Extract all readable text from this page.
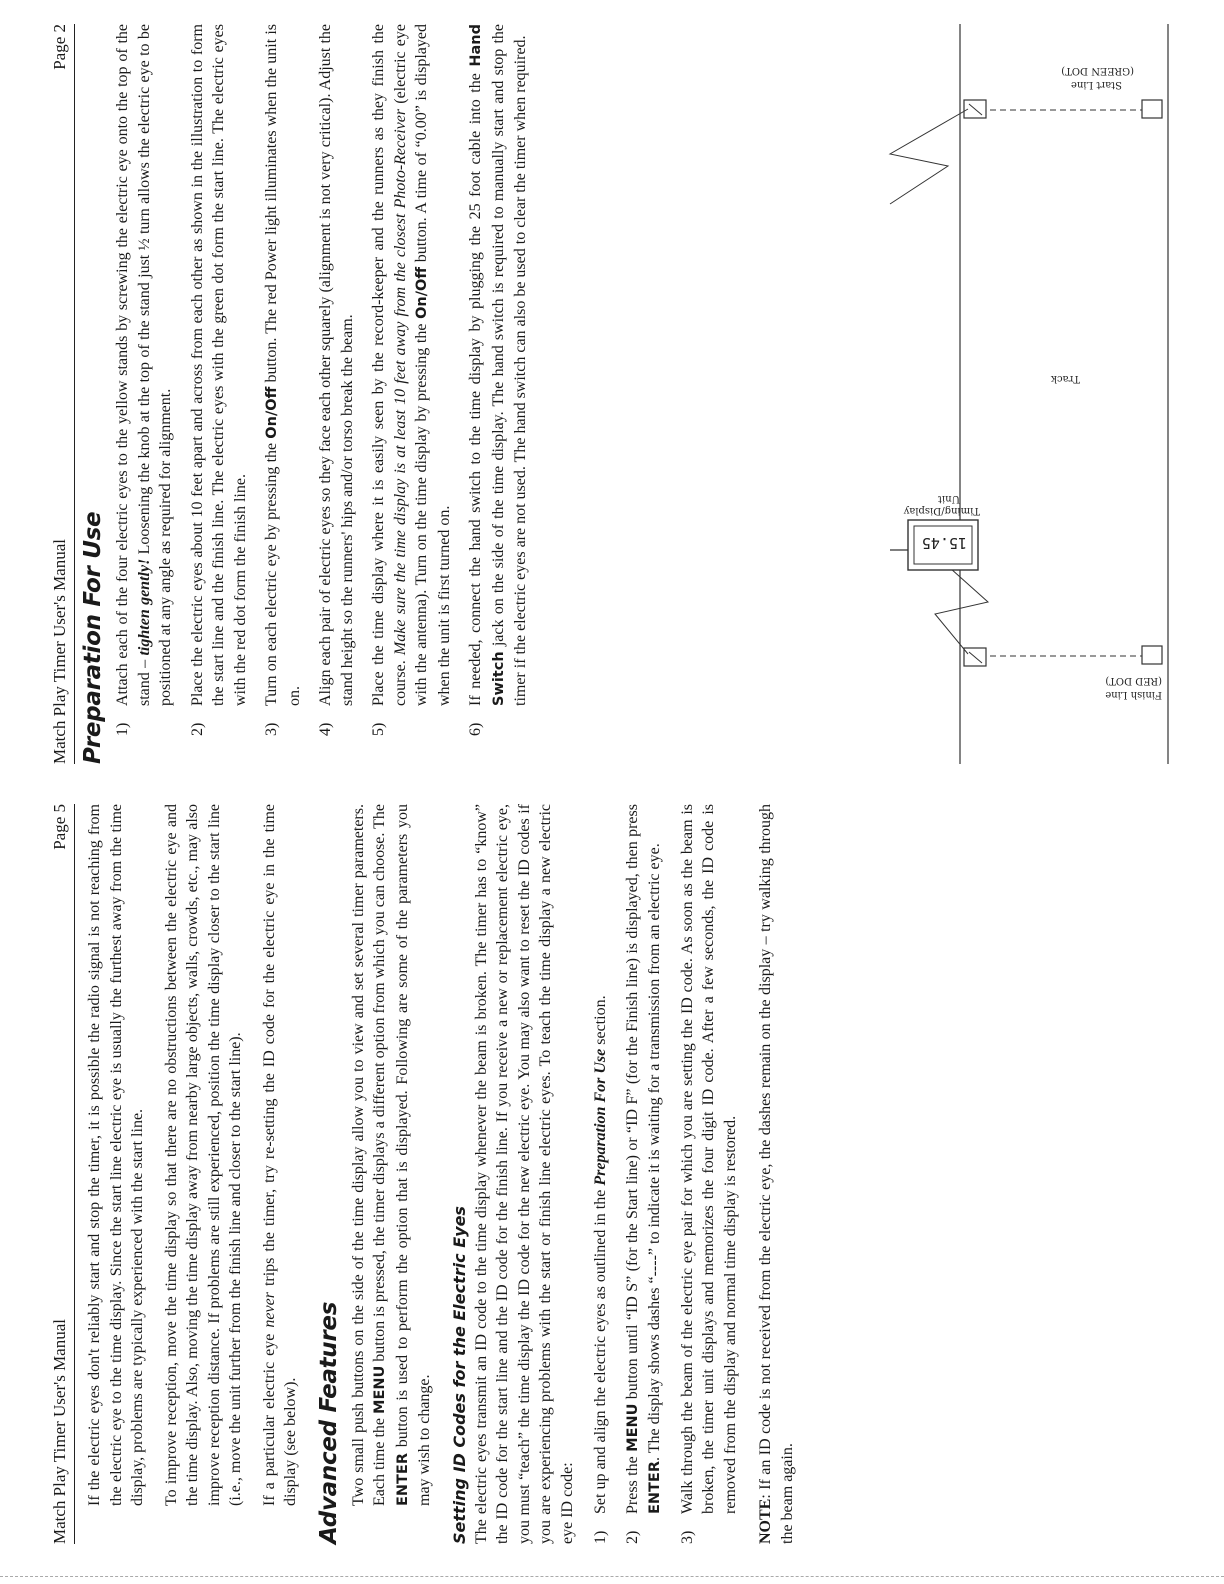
Match Play Timer User's Manual
Page 5 If the electric eyes don't reliably start and stop the timer, it is possible the radio signal is not reaching from the electric eye to the time display. Since the start line electric eye is usually the furthest away from the time display, problems are typically experienced with the start line. To improve reception, move the time display so that there are no obstructions between the electric eye and the time display. Also, moving the time display away from nearby large objects, walls, crowds, etc., may also improve reception distance. If problems are still experienced, position the time display closer to the start line (i.e., move the unit further from the finish line and closer to the start line). If a particular electric eye never trips the timer, try re-setting the ID code for the electric eye in the time display (see below). Advanced Features Two small push buttons on the side of the time display allow you to view and set several timer parameters. Each time the MENU button is pressed, the timer displays a different option from which you can choose. The ENTER button is used to perform the option that is displayed. Following are some of the parameters you may wish to change. Setting ID Codes for the Electric Eyes The electric eyes transmit an ID code to the time display whenever the beam is broken. The timer has to “know” the ID code for the start line and the ID code for the finish line. If you receive a new or replacement electric eye, you must “teach” the time display the ID code for the new electric eye. You may also want to reset the ID codes if you are experiencing problems with the start or finish line electric eyes. To teach the time display a new electric eye ID code: 1)
Set up and align the electric eyes as outlined in the Preparation For Use section.
2)
Press the MENU button until “ID S” (for the Start line) or “ID F” (for the Finish line) is displayed, then press ENTER. The display shows dashes “----” to indicate it is waiting for a transmission from an electric eye.
3)
Walk through the beam of the electric eye pair for which you are setting the ID code. As soon as the beam is broken, the timer unit displays and memorizes the four digit ID code. After a few seconds, the ID code is removed from the display and normal time display is restored.

NOTE: If an ID code is not received from the electric eye, the dashes remain on the display – try walking through the beam again.

Match Play Timer User's Manual
Page 2
Preparation For Use 1)
Attach each of the four electric eyes to the yellow stands by screwing the electric eye onto the top of the stand – tighten gently! Loosening the knob at the top of the stand just ½ turn allows the electric eye to be positioned at any angle as required for alignment.
2)
Place the electric eyes about 10 feet apart and across from each other as shown in the illustration to form the start line and the finish line. The electric eyes with the green dot form the start line. The electric eyes with the red dot form the finish line.
3)
Turn on each electric eye by pressing the On/Off button. The red Power light illuminates when the unit is on.
4)
Align each pair of electric eyes so they face each other squarely (alignment is not very critical). Adjust the stand height so the runners' hips and/or torso break the beam.
5)
Place the time display where it is easily seen by the record-keeper and the runners as they finish the course. Make sure the time display is at least 10 feet away from the closest Photo-Receiver (electric eye with the antenna). Turn on the time display by pressing the On/Off button. A time of “0.00” is displayed when the unit is first turned on.
6)
If needed, connect the hand switch to the time display by plugging the 25 foot cable into the Hand Switch jack on the side of the time display. The hand switch is required to manually start and stop the timer if the electric eyes are not used. The hand switch can also be used to clear the timer when required.	Finish Line
(RED DOT)
Start Line
(GREEN DOT)
15.45
Timing/Display
Unit
Track
